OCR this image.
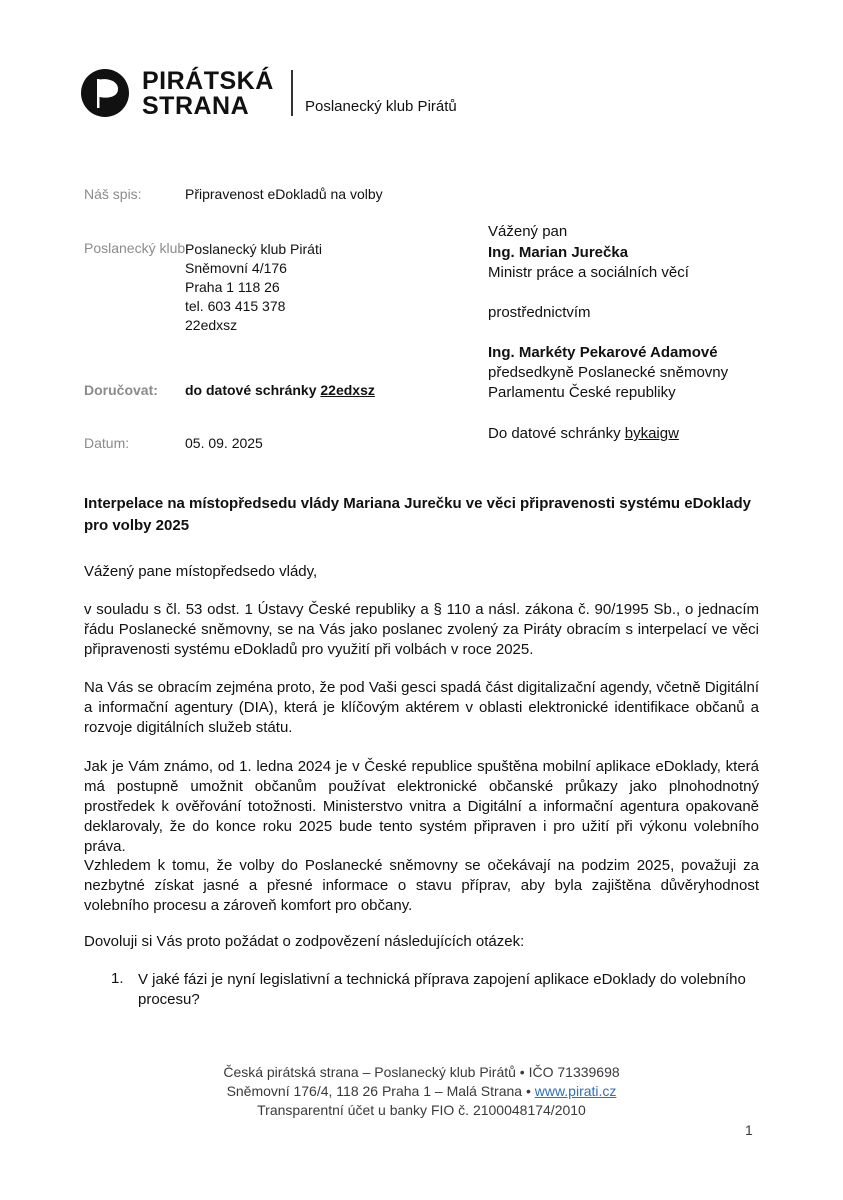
PIRÁTSKÁ
STRANA	Poslanecký klub Pirátů
Náš spis:	Připravenost eDokladů na volby
Poslanecký klub:
Poslanecký klub Piráti
Sněmovní 4/176
Praha 1 118 26
tel. 603 415 378
22edxsz
Doručovat: do datové schránky 22edxsz
Datum:	05. 09. 2025
Vážený pan
Ing. Marian Jurečka
Ministr práce a sociálních věcí
prostřednictvím
Ing. Markéty Pekarové Adamové
předsedkyně Poslanecké sněmovny
Parlamentu České republiky
Do datové schránky bykaigw
Interpelace na místopředsedu vlády Mariana Jurečku ve věci připravenosti systému eDoklady pro volby 2025
Vážený pane místopředsedo vlády,
v souladu s čl. 53 odst. 1 Ústavy České republiky a § 110 a násl. zákona č. 90/1995 Sb., o jednacím řádu Poslanecké sněmovny, se na Vás jako poslanec zvolený za Piráty obracím s interpelací ve věci připravenosti systému eDokladů pro využití při volbách v roce 2025.
Na Vás se obracím zejména proto, že pod Vaši gesci spadá část digitalizační agendy, včetně Digitální a informační agentury (DIA), která je klíčovým aktérem v oblasti elektronické identifikace občanů a rozvoje digitálních služeb státu.
Jak je Vám známo, od 1. ledna 2024 je v České republice spuštěna mobilní aplikace eDoklady, která má postupně umožnit občanům používat elektronické občanské průkazy jako plnohodnotný prostředek k ověřování totožnosti. Ministerstvo vnitra a Digitální a informační agentura opakovaně deklarovaly, že do konce roku 2025 bude tento systém připraven i pro užití při výkonu volebního práva.
Vzhledem k tomu, že volby do Poslanecké sněmovny se očekávají na podzim 2025, považuji za nezbytné získat jasné a přesné informace o stavu příprav, aby byla zajištěna důvěryhodnost volebního procesu a zároveň komfort pro občany.
Dovoluji si Vás proto požádat o zodpovězení následujících otázek:
1. V jaké fázi je nyní legislativní a technická příprava zapojení aplikace eDoklady do volebního procesu?
Česká pirátská strana – Poslanecký klub Pirátů • IČO 71339698
Sněmovní 176/4, 118 26 Praha 1 – Malá Strana • www.pirati.cz
Transparentní účet u banky FIO č. 2100048174/2010
1
